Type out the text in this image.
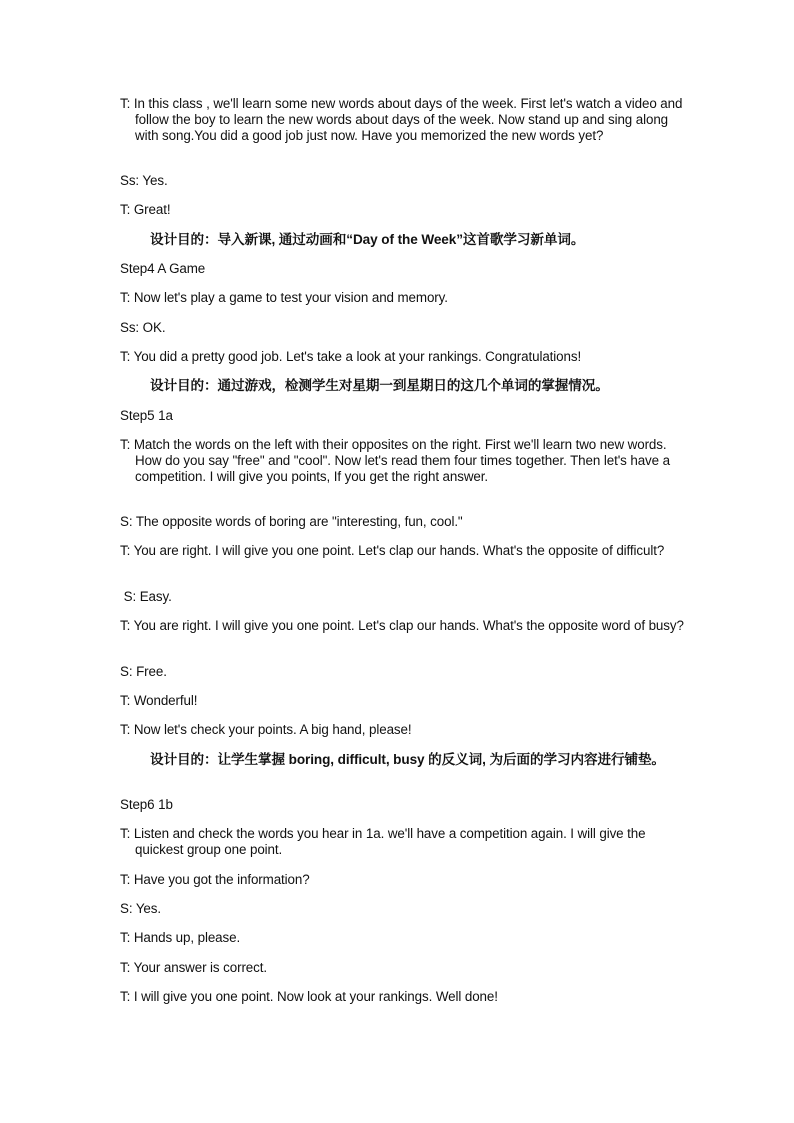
T: In this class , we'll learn some new words about days of the week. First let's watch a video and follow the boy to learn the new words about days of the week. Now stand up and sing along with song.You did a good job just now. Have you memorized the new words yet?

Ss: Yes.

T: Great!

设计目的：导入新课, 通过动画和“Day of the Week”这首歌学习新单词。

Step4 A Game

T: Now let's play a game to test your vision and memory.

Ss: OK.

T: You did a pretty good job. Let's take a look at your rankings. Congratulations!

设计目的：通过游戏，检测学生对星期一到星期日的这几个单词的掌握情况。

Step5 1a

T: Match the words on the left with their opposites on the right. First we'll learn two new words. How do you say "free" and "cool". Now let's read them four times together. Then let's have a competition. I will give you points, If you get the right answer.

S: The opposite words of boring are "interesting, fun, cool."

T: You are right. I will give you one point. Let's clap our hands. What's the opposite of difficult?

S: Easy.

T: You are right. I will give you one point. Let's clap our hands. What's the opposite word of busy?

S: Free.

T: Wonderful!

T: Now let's check your points. A big hand, please!

设计目的：让学生掌握 boring, difficult, busy 的反义词, 为后面的学习内容进行铺垫。

Step6 1b

T: Listen and check the words you hear in 1a. we'll have a competition again. I will give the quickest group one point.

T: Have you got the information?

S: Yes.

T: Hands up, please.

T: Your answer is correct.

T: I will give you one point. Now look at your rankings. Well done!
